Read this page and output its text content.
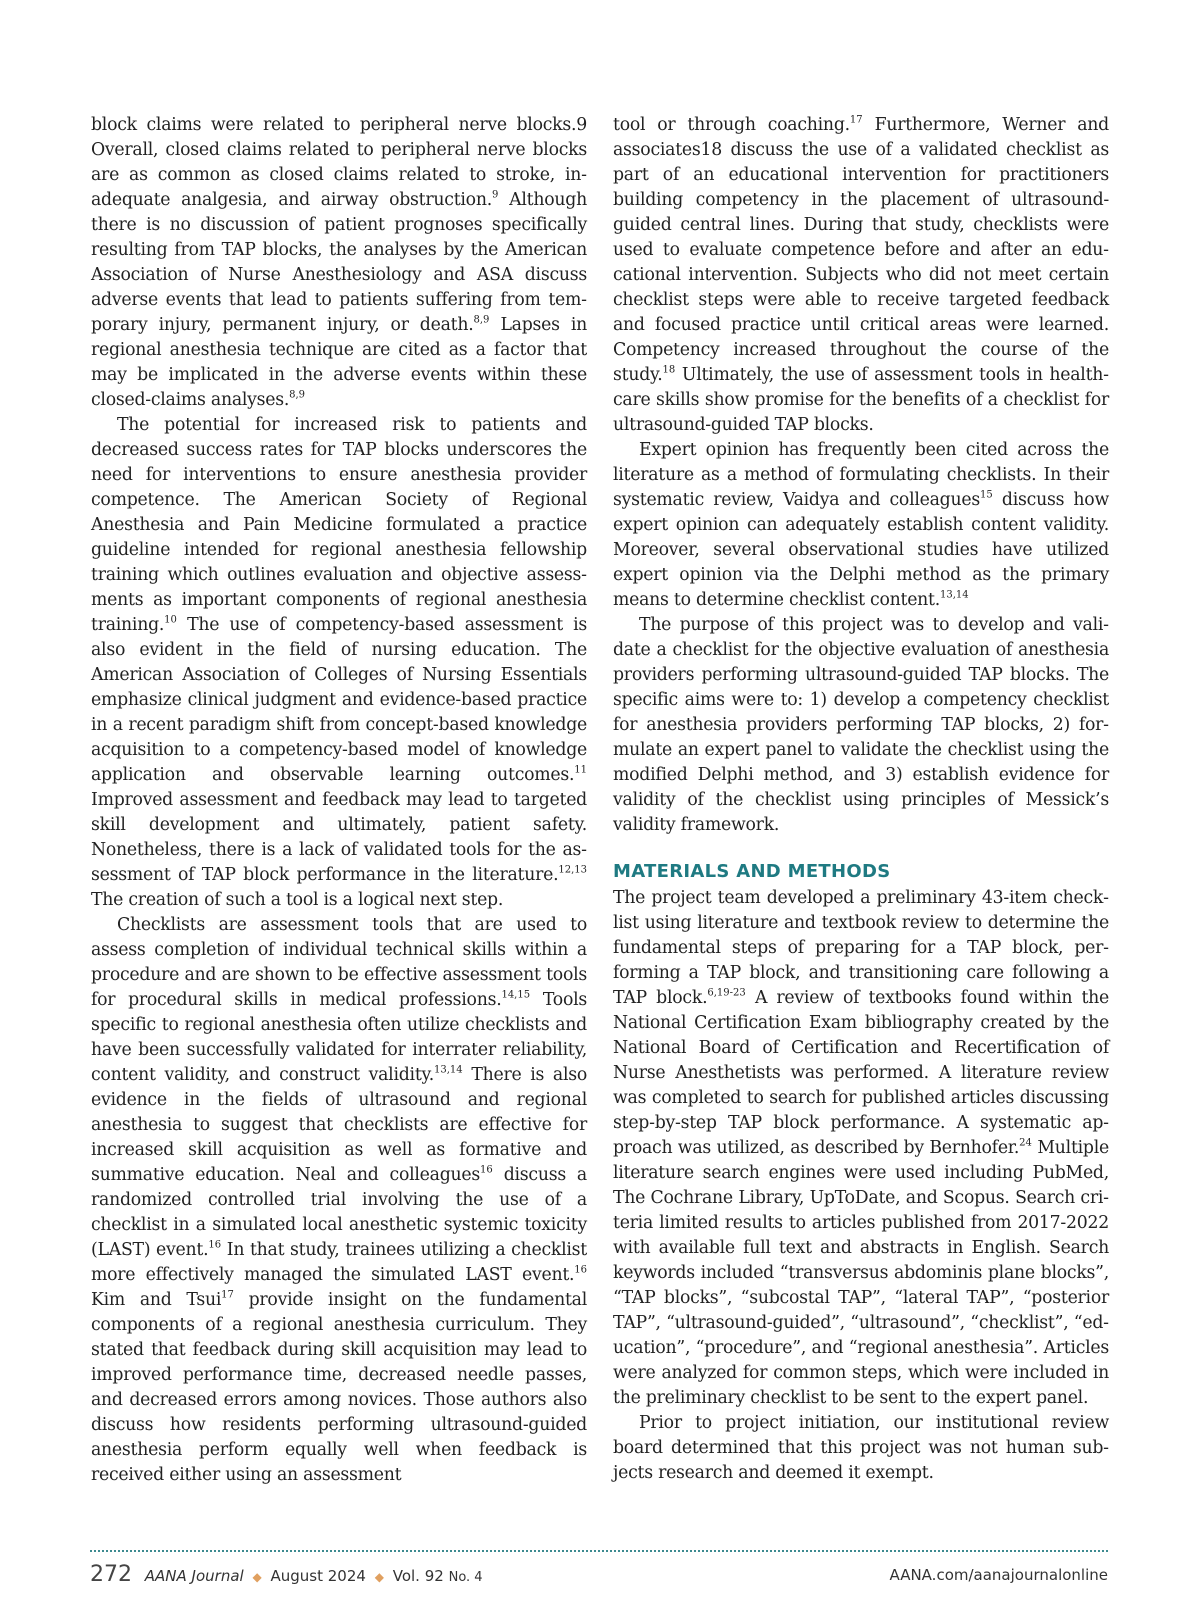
block claims were related to peripheral nerve blocks.9 Overall, closed claims related to peripheral nerve blocks are as common as closed claims related to stroke, inadequate analgesia, and airway obstruction.$^9$ Although there is no discussion of patient prognoses specifically resulting from TAP blocks, the analyses by the American Association of Nurse Anesthesiology and ASA discuss adverse events that lead to patients suffering from temporary injury, permanent injury, or death.$^{8,9}$ Lapses in regional anesthesia technique are cited as a factor that may be implicated in the adverse events within these closed-claims analyses.$^{8,9}$

The potential for increased risk to patients and decreased success rates for TAP blocks underscores the need for interventions to ensure anesthesia provider competence. The American Society of Regional Anesthesia and Pain Medicine formulated a practice guideline intended for regional anesthesia fellowship training which outlines evaluation and objective assessments as important components of regional anesthesia training.$^{10}$ The use of competency-based assessment is also evident in the field of nursing education. The American Association of Colleges of Nursing Essentials emphasize clinical judgment and evidence-based practice in a recent paradigm shift from concept-based knowledge acquisition to a competency-based model of knowledge application and observable learning outcomes.$^{11}$ Improved assessment and feedback may lead to targeted skill development and ultimately, patient safety. Nonetheless, there is a lack of validated tools for the assessment of TAP block performance in the literature.$^{12,13}$ The creation of such a tool is a logical next step.

Checklists are assessment tools that are used to assess completion of individual technical skills within a procedure and are shown to be effective assessment tools for procedural skills in medical professions.$^{14,15}$ Tools specific to regional anesthesia often utilize checklists and have been successfully validated for interrater reliability, content validity, and construct validity.$^{13,14}$ There is also evidence in the fields of ultrasound and regional anesthesia to suggest that checklists are effective for increased skill acquisition as well as formative and summative education. Neal and colleagues$^{16}$ discuss a randomized controlled trial involving the use of a checklist in a simulated local anesthetic systemic toxicity (LAST) event.$^{16}$ In that study, trainees utilizing a checklist more effectively managed the simulated LAST event.$^{16}$ Kim and Tsui$^{17}$ provide insight on the fundamental components of a regional anesthesia curriculum. They stated that feedback during skill acquisition may lead to improved performance time, decreased needle passes, and decreased errors among novices. Those authors also discuss how residents performing ultrasound-guided anesthesia perform equally well when feedback is received either using an assessment

tool or through coaching.$^{17}$ Furthermore, Werner and associates18 discuss the use of a validated checklist as part of an educational intervention for practitioners building competency in the placement of ultrasound-guided central lines. During that study, checklists were used to evaluate competence before and after an educational intervention. Subjects who did not meet certain checklist steps were able to receive targeted feedback and focused practice until critical areas were learned. Competency increased throughout the course of the study.$^{18}$ Ultimately, the use of assessment tools in healthcare skills show promise for the benefits of a checklist for ultrasound-guided TAP blocks.

Expert opinion has frequently been cited across the literature as a method of formulating checklists. In their systematic review, Vaidya and colleagues$^{15}$ discuss how expert opinion can adequately establish content validity. Moreover, several observational studies have utilized expert opinion via the Delphi method as the primary means to determine checklist content.$^{13,14}$

The purpose of this project was to develop and validate a checklist for the objective evaluation of anesthesia providers performing ultrasound-guided TAP blocks. The specific aims were to: 1) develop a competency checklist for anesthesia providers performing TAP blocks, 2) formulate an expert panel to validate the checklist using the modified Delphi method, and 3) establish evidence for validity of the checklist using principles of Messick’s validity framework.

MATERIALS AND METHODS

The project team developed a preliminary 43-item checklist using literature and textbook review to determine the fundamental steps of preparing for a TAP block, performing a TAP block, and transitioning care following a TAP block.$^{6,19-23}$ A review of textbooks found within the National Certification Exam bibliography created by the National Board of Certification and Recertification of Nurse Anesthetists was performed. A literature review was completed to search for published articles discussing step-by-step TAP block performance. A systematic approach was utilized, as described by Bernhofer.$^{24}$ Multiple literature search engines were used including PubMed, The Cochrane Library, UpToDate, and Scopus. Search criteria limited results to articles published from 2017-2022 with available full text and abstracts in English. Search keywords included “transversus abdominis plane blocks”, “TAP blocks”, “subcostal TAP”, “lateral TAP”, “posterior TAP”, “ultrasound-guided”, “ultrasound”, “checklist”, “education”, “procedure”, and “regional anesthesia”. Articles were analyzed for common steps, which were included in the preliminary checklist to be sent to the expert panel.

Prior to project initiation, our institutional review board determined that this project was not human subjects research and deemed it exempt.

272 AANA Journal ◆ August 2024 ◆ Vol. 92 No. 4	AANA.com/aanajournalonline
